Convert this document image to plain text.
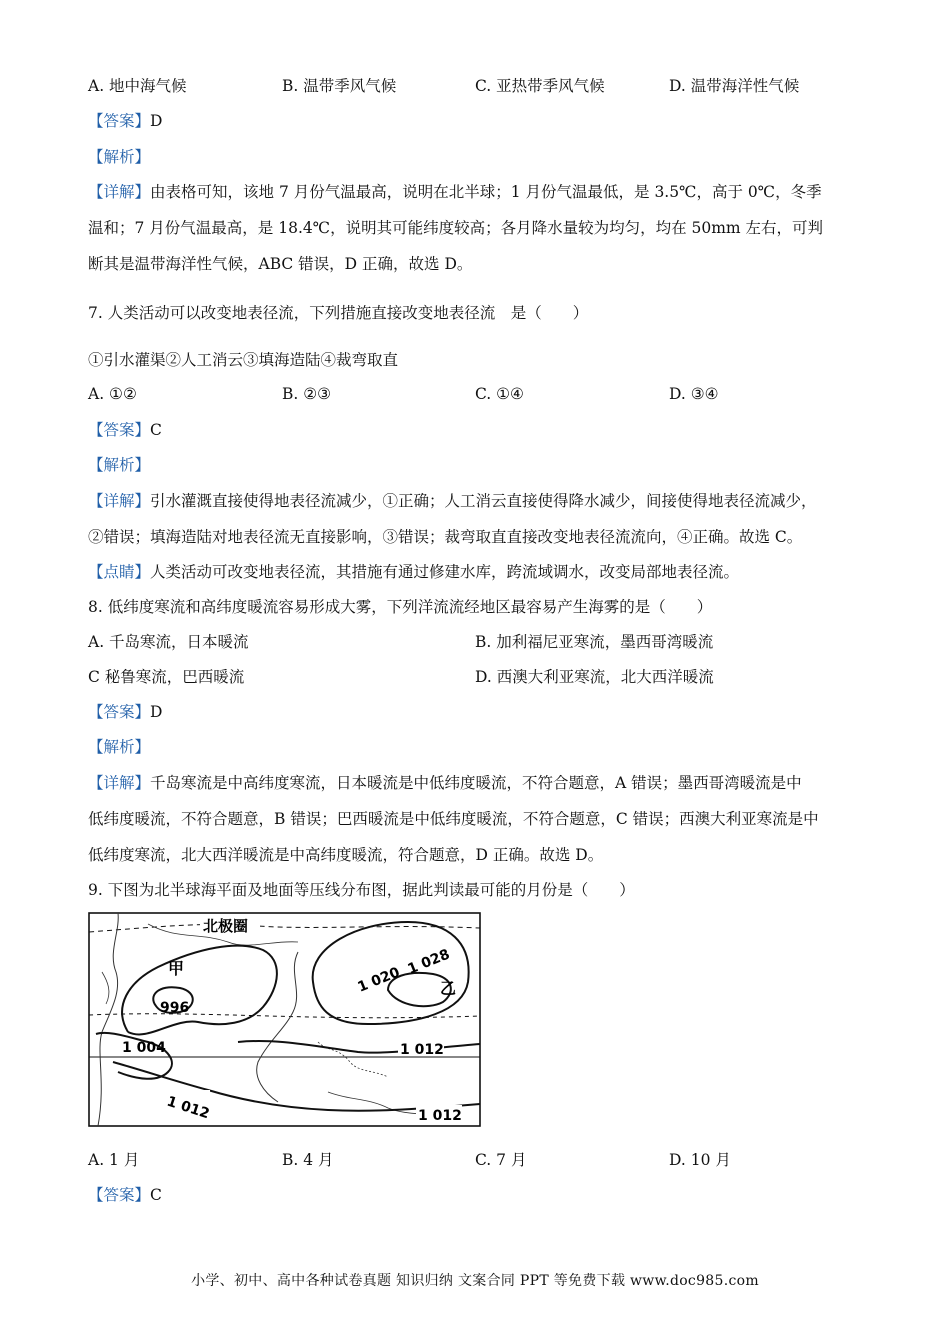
A. 地中海气候	B. 温带季风气候	C. 亚热带季风气候	D. 温带海洋性气候
【答案】D
【解析】
【详解】由表格可知，该地 7 月份气温最高，说明在北半球；1 月份气温最低，是 3.5℃，高于 0℃，冬季
温和；7 月份气温最高，是 18.4℃，说明其可能纬度较高；各月降水量较为均匀，均在 50mm 左右，可判
断其是温带海洋性气候，ABC 错误，D 正确，故选 D。
7. 人类活动可以改变地表径流，下列措施直接改变地表径流　是（　　）
①引水灌渠②人工消云③填海造陆④裁弯取直
A. ①②	B. ②③	C. ①④	D. ③④
【答案】C
【解析】
【详解】引水灌溉直接使得地表径流减少，①正确；人工消云直接使得降水减少，间接使得地表径流减少，
②错误；填海造陆对地表径流无直接影响，③错误；裁弯取直直接改变地表径流流向，④正确。故选 C。
【点睛】人类活动可改变地表径流，其措施有通过修建水库，跨流域调水，改变局部地表径流。
8. 低纬度寒流和高纬度暖流容易形成大雾，下列洋流流经地区最容易产生海雾的是（　　）
A. 千岛寒流，日本暖流	B. 加利福尼亚寒流，墨西哥湾暖流
C 秘鲁寒流，巴西暖流	D. 西澳大利亚寒流，北大西洋暖流
【答案】D
【解析】
【详解】千岛寒流是中高纬度寒流，日本暖流是中低纬度暖流，不符合题意，A 错误；墨西哥湾暖流是中
低纬度暖流，不符合题意，B 错误；巴西暖流是中低纬度暖流，不符合题意，C 错误；西澳大利亚寒流是中
低纬度寒流，北大西洋暖流是中高纬度暖流，符合题意，D 正确。故选 D。
9. 下图为北半球海平面及地面等压线分布图，据此判读最可能的月份是（　　）
北极圈
甲
996
1 004
1 020
1 028
乙
1 012
1 012	1 012
A. 1 月	B. 4 月	C. 7 月	D. 10 月
【答案】C
小学、初中、高中各种试卷真题 知识归纳 文案合同 PPT 等免费下载 www.doc985.com
